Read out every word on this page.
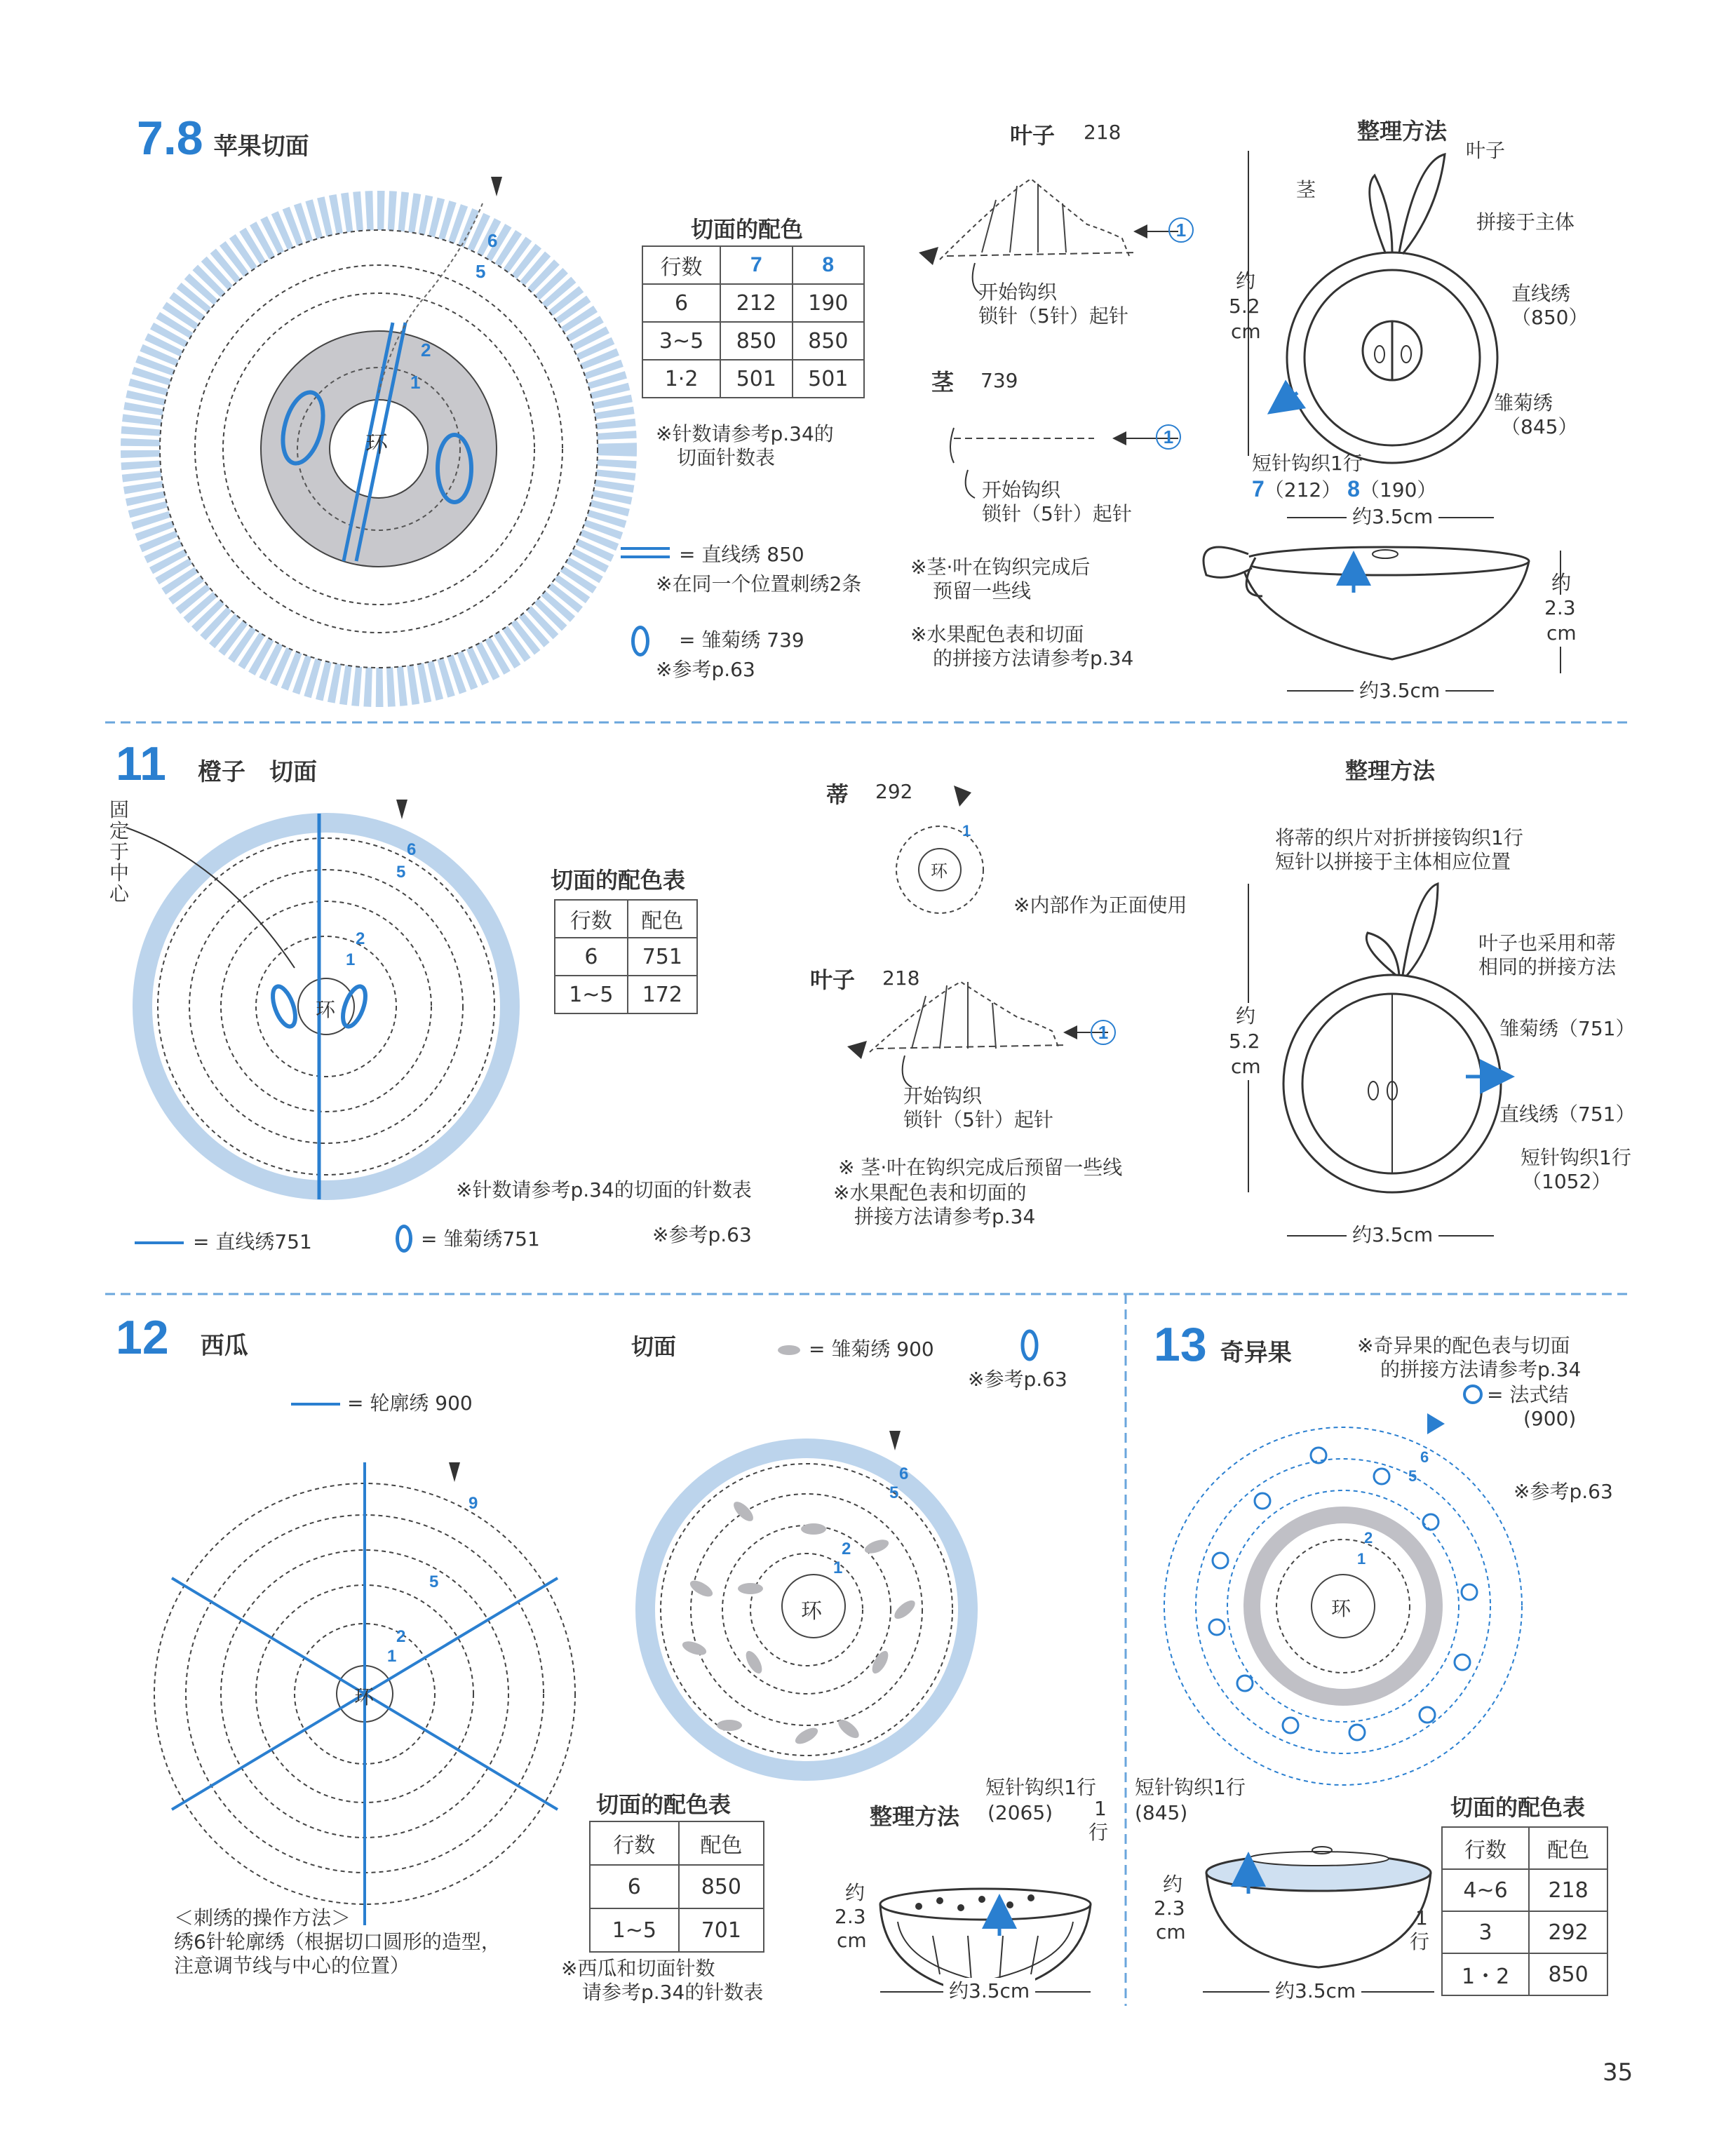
7.8 苹果切面
环
6
5
2
1
切面的配色
行数	7	8
6	212	190
3~5	850	850
1·2	501	501
※针数请参考p.34的
切面针数表
= 直线绣 850
※在同一个位置刺绣2条
= 雏菊绣 739
※参考p.63
叶子 218
1
开始钩织
锁针（5针）起针
茎 739
1
开始钩织
锁针（5针）起针
※茎·叶在钩织完成后
预留一些线
※水果配色表和切面
的拼接方法请参考p.34
整理方法
叶子
茎
拼接于主体
直线绣
（850）
雏菊绣
（845）
约
5.2
cm
短针钩织1行
7（212） 8（190）
约3.5cm
约
2.3
cm
约3.5cm
11 橙子　切面
固定于中心
环
6
5
2
1
切面的配色表
行数	配色
6	751
1~5	172
※针数请参考p.34的切面的针数表
= 直线绣751	= 雏菊绣751	※参考p.63
蒂 292
环
1
※内部作为正面使用
叶子 218
1
开始钩织
锁针（5针）起针
※ 茎·叶在钩织完成后预留一些线
※水果配色表和切面的
拼接方法请参考p.34
整理方法
将蒂的织片对折拼接钩织1行
短针以拼接于主体相应位置
叶子也采用和蒂
相同的拼接方法
雏菊绣（751）
直线绣（751）
短针钩织1行
（1052）
约
5.2
cm
约3.5cm
12 西瓜
= 轮廓绣 900
环
9
5
2
1
切面	= 雏菊绣 900
※参考p.63
环
6
5
2
1
＜刺绣的操作方法＞
绣6针轮廓绣（根据切口圆形的造型，
注意调节线与中心的位置）
切面的配色表
行数	配色
6	850
1~5	701
※西瓜和切面针数
请参考p.34的针数表
整理方法
短针钩织1行
(2065) 1
行
约
2.3
cm
约3.5cm
13 奇异果	※奇异果的配色表与切面
的拼接方法请参考p.34
= 法式结
(900)
※参考p.63
环
6
5
2
1
短针钩织1行
(845)
约
2.3
cm
1
行
约3.5cm
切面的配色表
行数	配色
4~6	218
3	292
1・2	850
35
